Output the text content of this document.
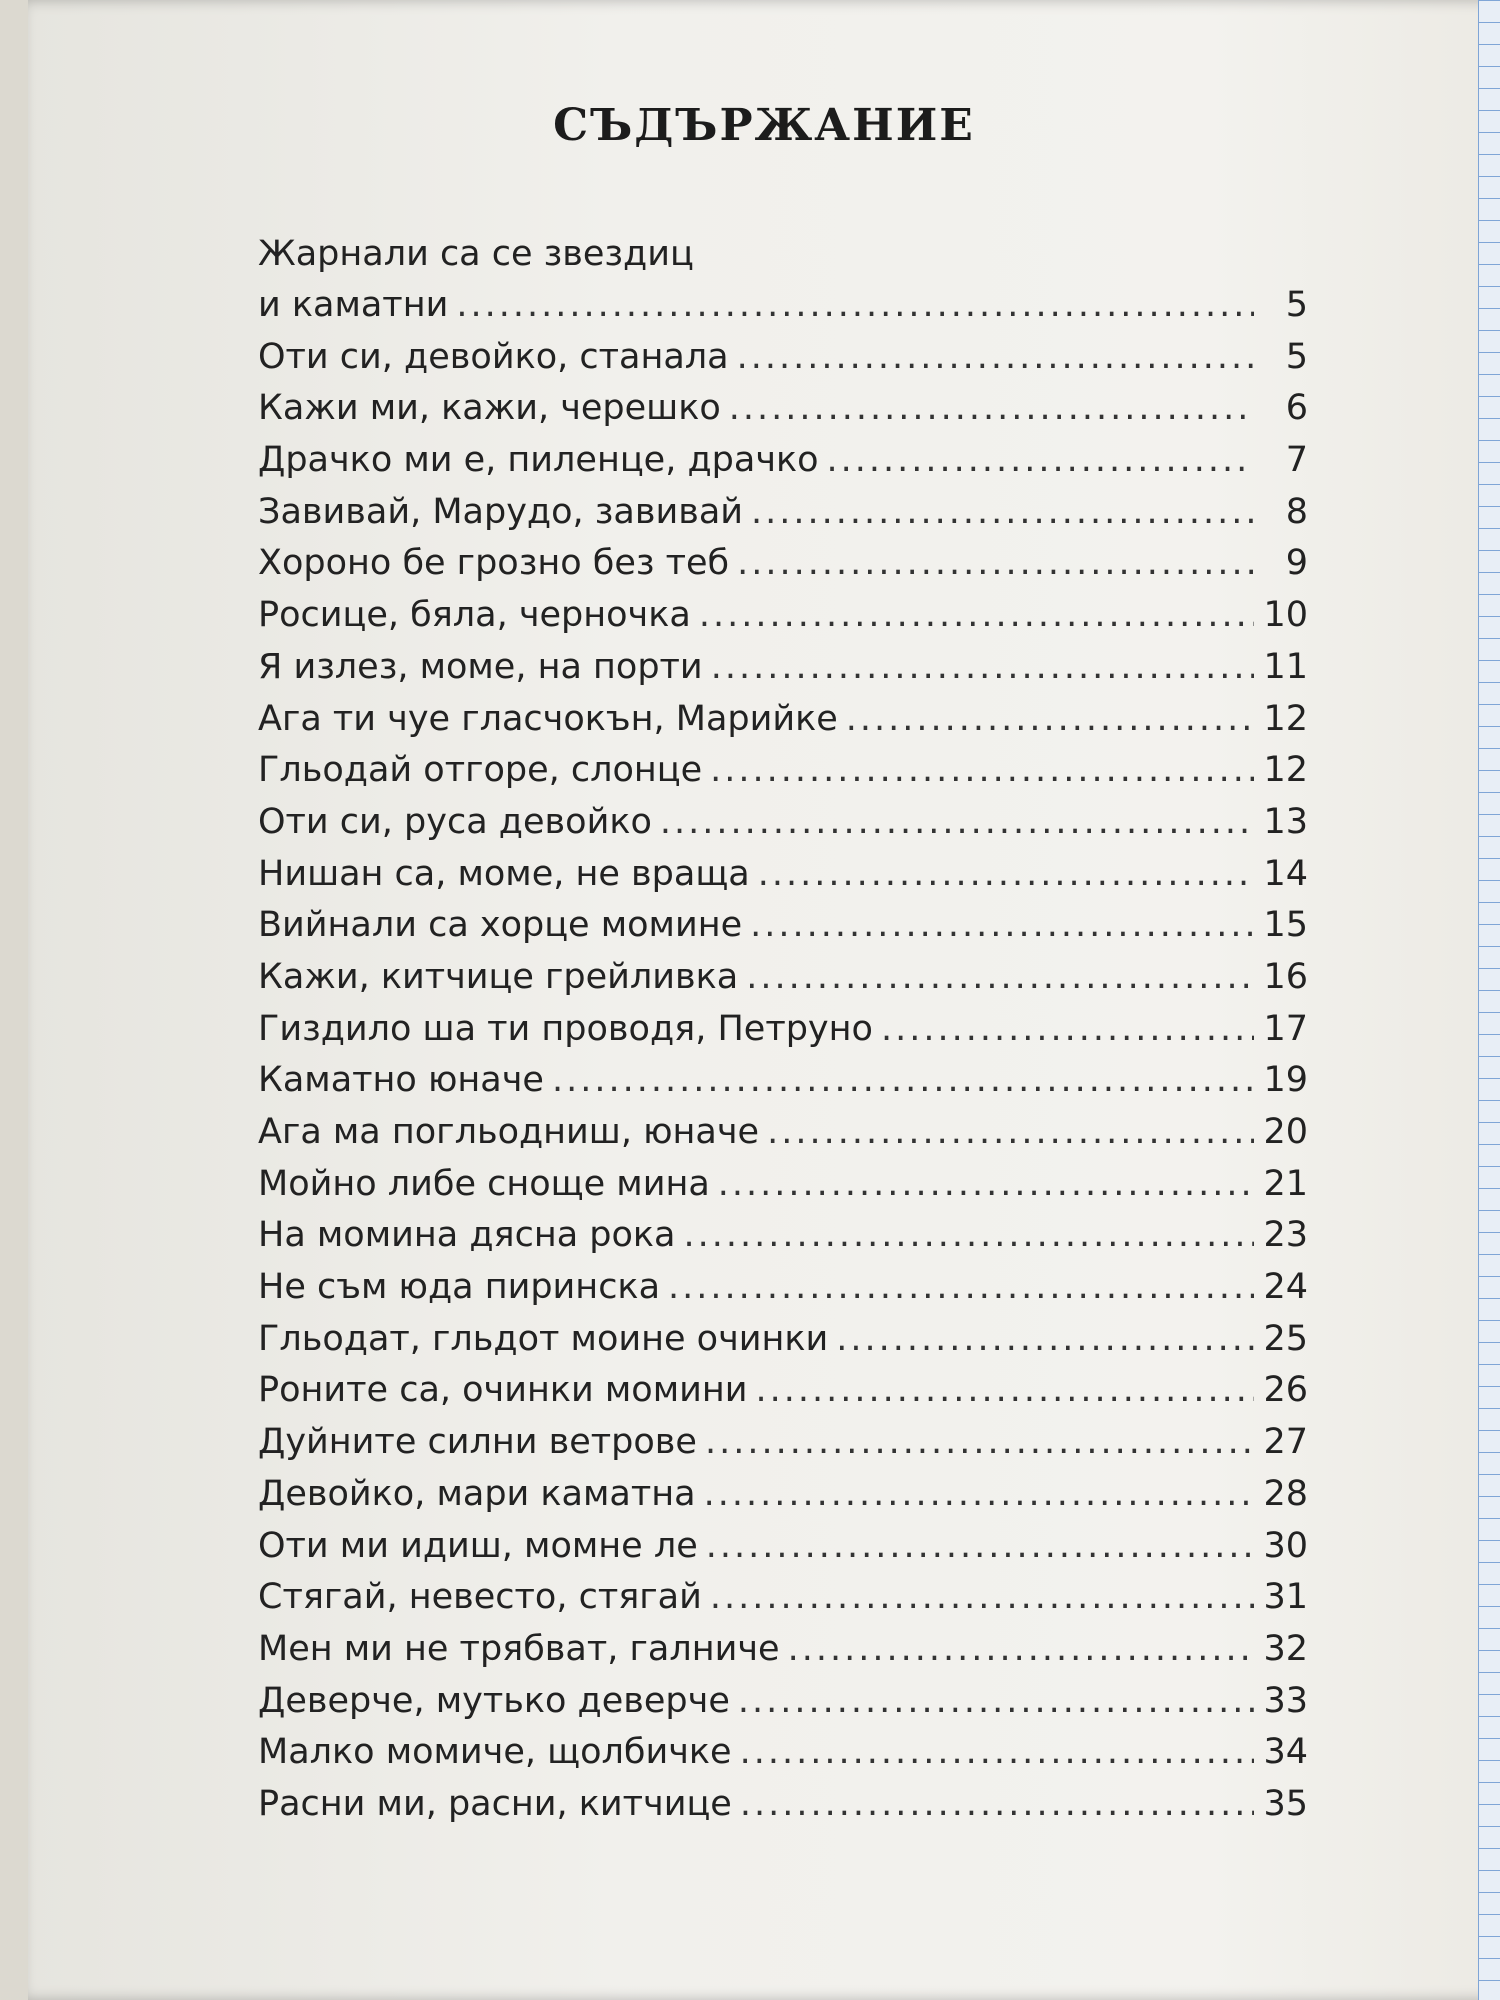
СЪДЪРЖАНИЕ
Жарнали са се звездиц
и каматни .....	5
Оти си, девойко, станала .....	5
Кажи ми, кажи, черешко .....	6
Драчко ми е, пиленце, драчко .....	7
Завивай, Марудо, завивай .....	8
Хороно бе грозно без теб .....	9
Росице, бяла, черночка .....	10
Я излез, моме, на порти .....	11
Ага ти чуе гласчокън, Марийке .....	12
Гльодай отгоре, слонце .....	12
Оти си, руса девойко .....	13
Нишан са, моме, не враща .....	14
Вийнали са хорце момине .....	15
Кажи, китчице грейливка .....	16
Гиздило ша ти проводя, Петруно .....	17
Каматно юначе .....	19
Ага ма погльодниш, юначе .....	20
Мойно либе сноще мина .....	21
На момина дясна рока .....	23
Не съм юда пиринска .....	24
Гльодат, гльдот моине очинки .....	25
Роните са, очинки момини .....	26
Дуйните силни ветрове .....	27
Девойко, мари каматна .....	28
Оти ми идиш, момне ле .....	30
Стягай, невесто, стягай .....	31
Мен ми не трябват, галниче .....	32
Деверче, мутько деверче .....	33
Малко момиче, щолбичке .....	34
Расни ми, расни, китчице .....	35
